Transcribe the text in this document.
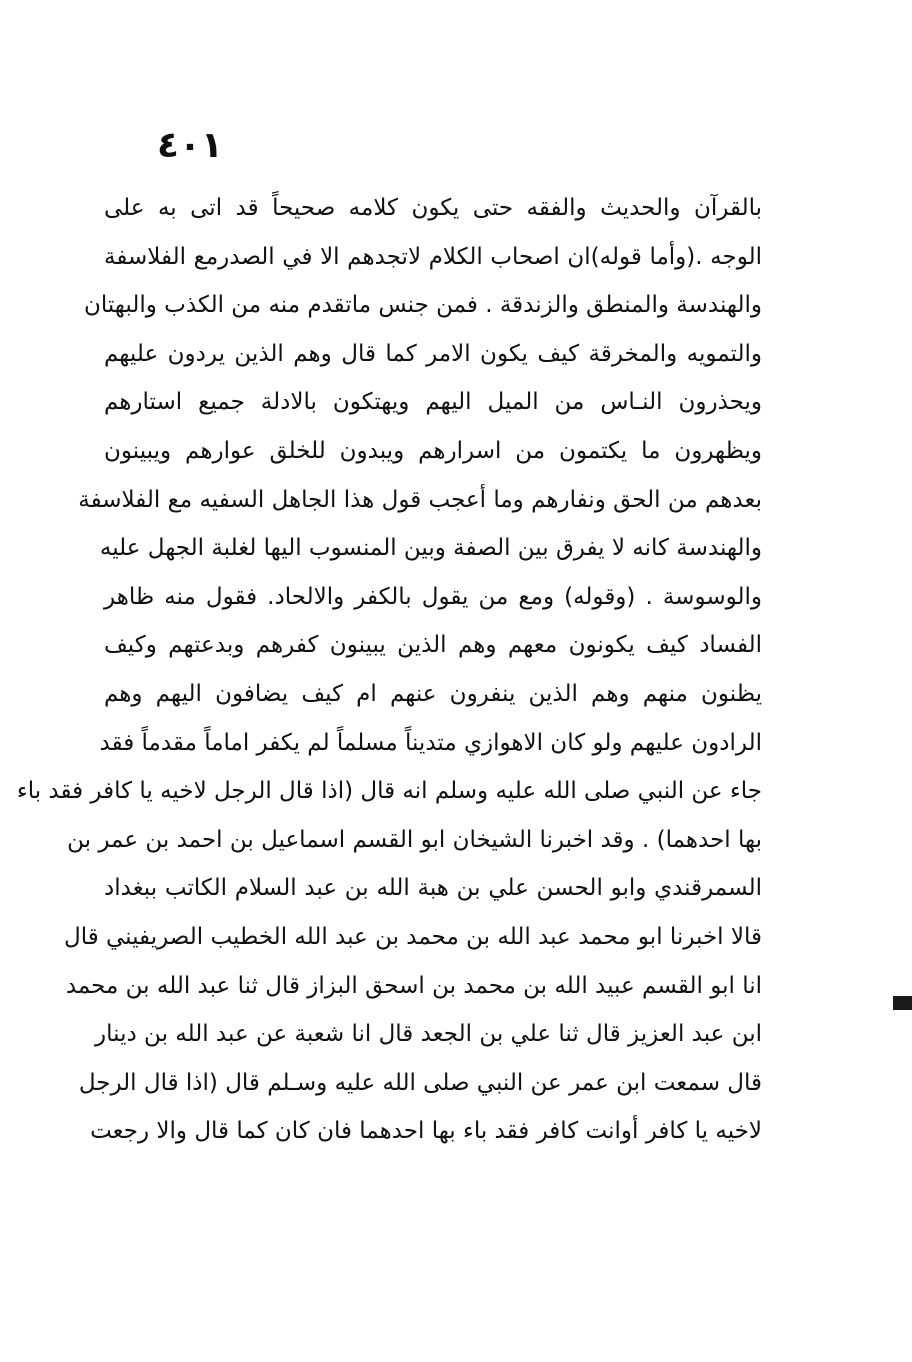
٤٠١
بالقرآن والحديث والفقه حتى يكون كلامه صحيحاً قد اتى به على
الوجه .(وأما قوله)ان اصحاب الكلام لاتجدهم الا في الصدرمع الفلاسفة
والهندسة والمنطق والزندقة . فمن جنس ماتقدم منه من الكذب والبهتان
والتمويه والمخرقة كيف يكون الامر كما قال وهم الذين يردون عليهم
ويحذرون النـاس من الميل اليهم ويهتكون بالادلة جميع استارهم
ويظهرون ما يكتمون من اسرارهم ويبدون للخلق عوارهم ويبينون
بعدهم من الحق ونفارهم وما أعجب قول هذا الجاهل السفيه مع الفلاسفة
والهندسة كانه لا يفرق بين الصفة وبين المنسوب اليها لغلبة الجهل عليه
والوسوسة . (وقوله) ومع من يقول بالكفر والالحاد. فقول منه ظاهر
الفساد كيف يكونون معهم وهم الذين يبينون كفرهم وبدعتهم وكيف
يظنون منهم وهم الذين ينفرون عنهم ام كيف يضافون اليهم وهم
الرادون عليهم ولو كان الاهوازي متديناً مسلماً لم يكفر اماماً مقدماً فقد
جاء عن النبي صلى الله عليه وسلم انه قال (اذا قال الرجل لاخيه يا كافر فقد باء
بها احدهما) . وقد اخبرنا الشيخان ابو القسم اسماعيل بن احمد بن عمر بن
السمرقندي وابو الحسن علي بن هبة الله بن عبد السلام الكاتب ببغداد
قالا اخبرنا ابو محمد عبد الله بن محمد بن عبد الله الخطيب الصريفيني قال
انا ابو القسم عبيد الله بن محمد بن اسحق البزاز قال ثنا عبد الله بن محمد
ابن عبد العزيز قال ثنا علي بن الجعد قال انا شعبة عن عبد الله بن دينار
قال سمعت ابن عمر عن النبي صلى الله عليه وسـلم قال (اذا قال الرجل
لاخيه يا كافر أوانت كافر فقد باء بها احدهما فان كان كما قال والا رجعت
